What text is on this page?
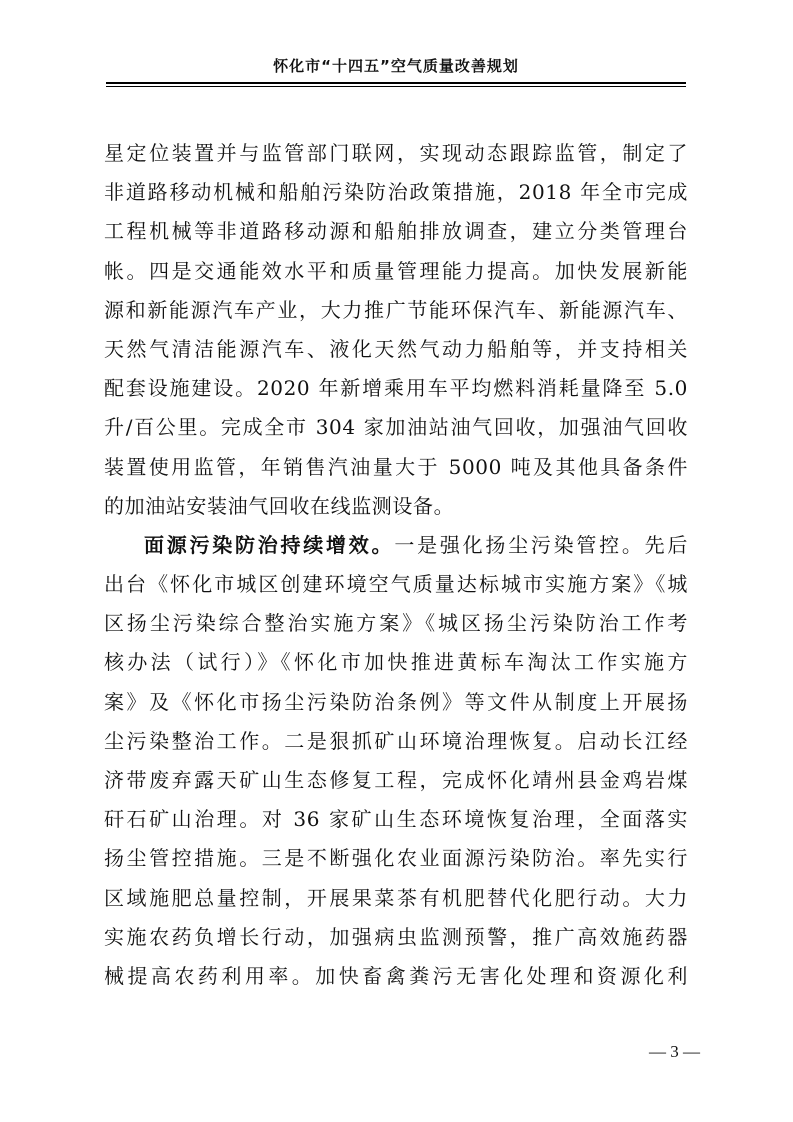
怀化市“十四五”空气质量改善规划
星定位装置并与监管部门联网，实现动态跟踪监管，制定了
非道路移动机械和船舶污染防治政策措施，2018 年全市完成
工程机械等非道路移动源和船舶排放调查，建立分类管理台
帐。四是交通能效水平和质量管理能力提高。加快发展新能
源和新能源汽车产业，大力推广节能环保汽车、新能源汽车、
天然气清洁能源汽车、液化天然气动力船舶等，并支持相关
配套设施建设。2020 年新增乘用车平均燃料消耗量降至 5.0
升/百公里。完成全市 304 家加油站油气回收，加强油气回收
装置使用监管，年销售汽油量大于 5000 吨及其他具备条件
的加油站安装油气回收在线监测设备。
面源污染防治持续增效。一是强化扬尘污染管控。先后
出台《怀化市城区创建环境空气质量达标城市实施方案》《城
区扬尘污染综合整治实施方案》《城区扬尘污染防治工作考
核办法（试行）》《怀化市加快推进黄标车淘汰工作实施方
案》及《怀化市扬尘污染防治条例》等文件从制度上开展扬
尘污染整治工作。二是狠抓矿山环境治理恢复。启动长江经
济带废弃露天矿山生态修复工程，完成怀化靖州县金鸡岩煤
矸石矿山治理。对 36 家矿山生态环境恢复治理，全面落实
扬尘管控措施。三是不断强化农业面源污染防治。率先实行
区域施肥总量控制，开展果菜茶有机肥替代化肥行动。大力
实施农药负增长行动，加强病虫监测预警，推广高效施药器
械提高农药利用率。加快畜禽粪污无害化处理和资源化利
— 3 —
